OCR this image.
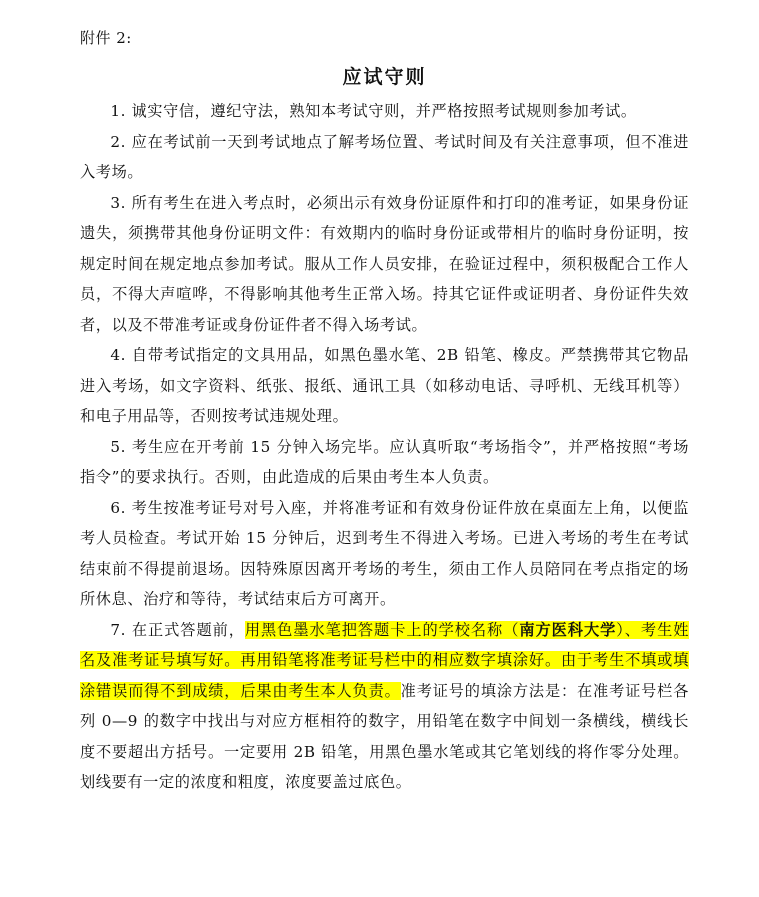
附件 2:

应试守则

1. 诚实守信，遵纪守法，熟知本考试守则，并严格按照考试规则参加考试。

2. 应在考试前一天到考试地点了解考场位置、考试时间及有关注意事项，但不准进入考场。

3. 所有考生在进入考点时，必须出示有效身份证原件和打印的准考证，如果身份证遗失，须携带其他身份证明文件：有效期内的临时身份证或带相片的临时身份证明，按规定时间在规定地点参加考试。服从工作人员安排，在验证过程中，须积极配合工作人员，不得大声喧哗，不得影响其他考生正常入场。持其它证件或证明者、身份证件失效者，以及不带准考证或身份证件者不得入场考试。

4. 自带考试指定的文具用品，如黑色墨水笔、2B 铅笔、橡皮。严禁携带其它物品进入考场，如文字资料、纸张、报纸、通讯工具（如移动电话、寻呼机、无线耳机等）和电子用品等，否则按考试违规处理。

5. 考生应在开考前 15 分钟入场完毕。应认真听取“考场指令”，并严格按照“考场指令”的要求执行。否则，由此造成的后果由考生本人负责。

6. 考生按准考证号对号入座，并将准考证和有效身份证件放在桌面左上角，以便监考人员检查。考试开始 15 分钟后，迟到考生不得进入考场。已进入考场的考生在考试结束前不得提前退场。因特殊原因离开考场的考生，须由工作人员陪同在考点指定的场所休息、治疗和等待，考试结束后方可离开。

7. 在正式答题前，用黑色墨水笔把答题卡上的学校名称（南方医科大学）、考生姓名及准考证号填写好。再用铅笔将准考证号栏中的相应数字填涂好。由于考生不填或填涂错误而得不到成绩，后果由考生本人负责。准考证号的填涂方法是：在准考证号栏各列 0—9 的数字中找出与对应方框相符的数字，用铅笔在数字中间划一条横线，横线长度不要超出方括号。一定要用 2B 铅笔，用黑色墨水笔或其它笔划线的将作零分处理。划线要有一定的浓度和粗度，浓度要盖过底色。
